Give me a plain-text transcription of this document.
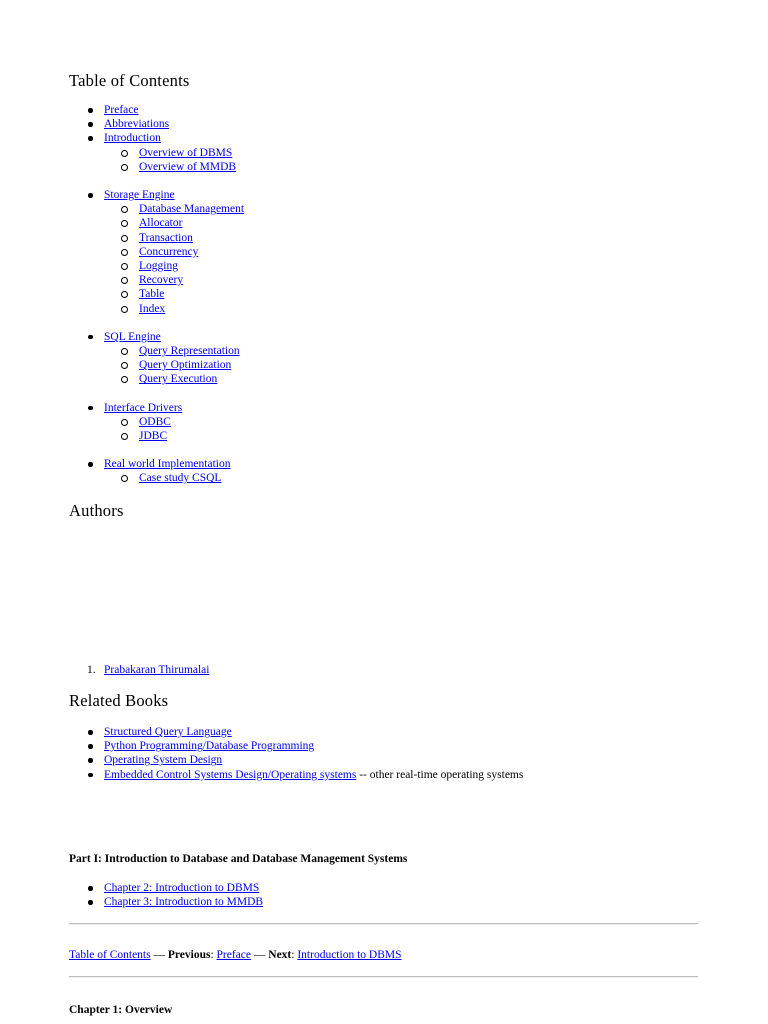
Table of Contents
Preface
Abbreviations
Introduction
Overview of DBMS
Overview of MMDB
Storage Engine
Database Management
Allocator
Transaction
Concurrency
Logging
Recovery
Table
Index
SQL Engine
Query Representation
Query Optimization
Query Execution
Interface Drivers
ODBC
JDBC
Real world Implementation
Case study CSQL
Authors
1. Prabakaran Thirumalai
Related Books
Structured Query Language
Python Programming/Database Programming
Operating System Design
Embedded Control Systems Design/Operating systems -- other real-time operating systems
Part I: Introduction to Database and Database Management Systems
Chapter 2: Introduction to DBMS
Chapter 3: Introduction to MMDB
Table of Contents — Previous: Preface — Next: Introduction to DBMS
Chapter 1: Overview
